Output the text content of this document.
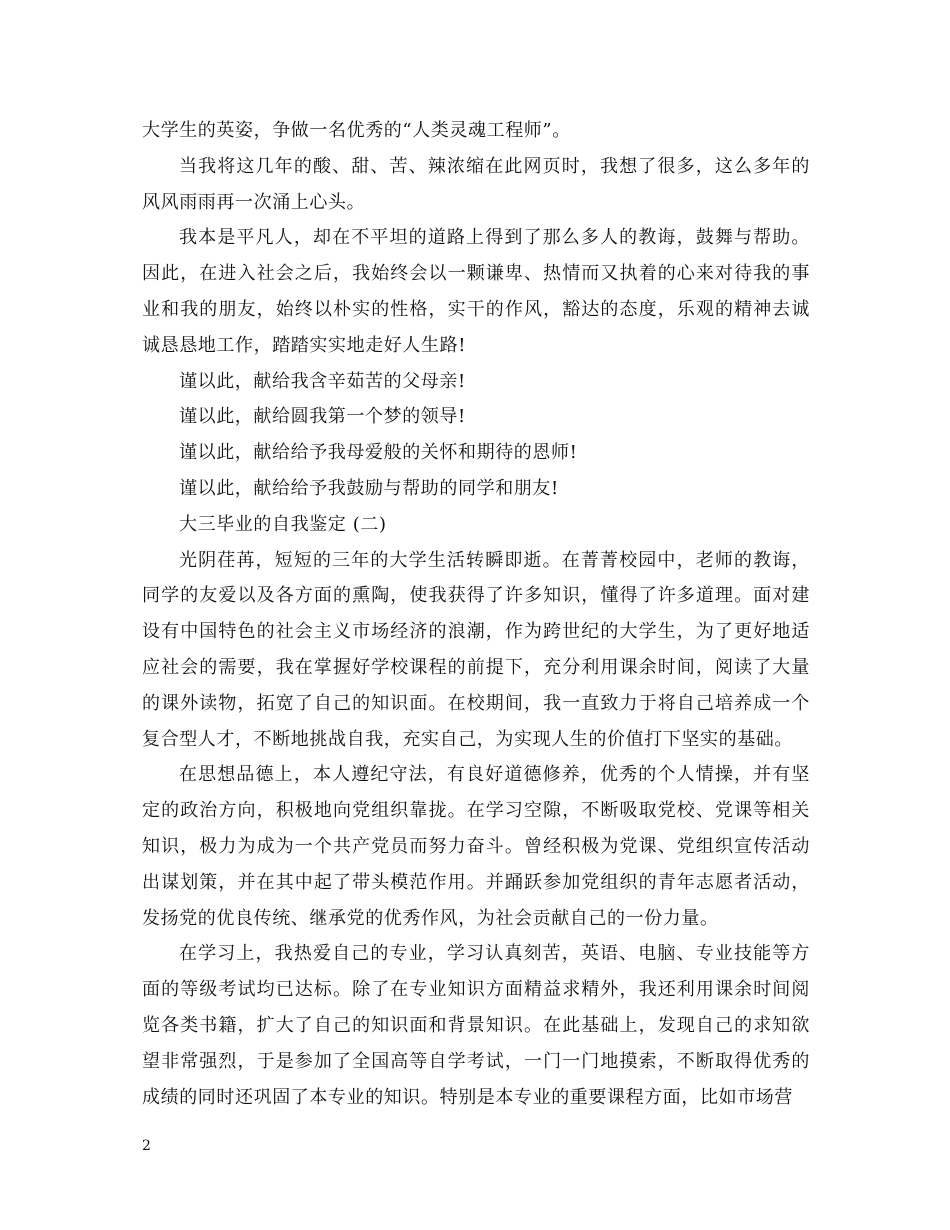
大学生的英姿，争做一名优秀的“人类灵魂工程师”。

当我将这几年的酸、甜、苦、辣浓缩在此网页时，我想了很多，这么多年的风风雨雨再一次涌上心头。

我本是平凡人，却在不平坦的道路上得到了那么多人的教诲，鼓舞与帮助。因此，在进入社会之后，我始终会以一颗谦卑、热情而又执着的心来对待我的事业和我的朋友，始终以朴实的性格，实干的作风，豁达的态度，乐观的精神去诚诚恳恳地工作，踏踏实实地走好人生路!

谨以此，献给我含辛茹苦的父母亲!

谨以此，献给圆我第一个梦的领导!

谨以此，献给给予我母爱般的关怀和期待的恩师!

谨以此，献给给予我鼓励与帮助的同学和朋友!

大三毕业的自我鉴定 (二)

光阴荏苒，短短的三年的大学生活转瞬即逝。在菁菁校园中，老师的教诲，同学的友爱以及各方面的熏陶，使我获得了许多知识，懂得了许多道理。面对建设有中国特色的社会主义市场经济的浪潮，作为跨世纪的大学生，为了更好地适应社会的需要，我在掌握好学校课程的前提下，充分利用课余时间，阅读了大量的课外读物，拓宽了自己的知识面。在校期间，我一直致力于将自己培养成一个复合型人才，不断地挑战自我，充实自己，为实现人生的价值打下坚实的基础。

在思想品德上，本人遵纪守法，有良好道德修养，优秀的个人情操，并有坚定的政治方向，积极地向党组织靠拢。在学习空隙，不断吸取党校、党课等相关知识，极力为成为一个共产党员而努力奋斗。曾经积极为党课、党组织宣传活动出谋划策，并在其中起了带头模范作用。并踊跃参加党组织的青年志愿者活动，发扬党的优良传统、继承党的优秀作风，为社会贡献自己的一份力量。

在学习上，我热爱自己的专业，学习认真刻苦，英语、电脑、专业技能等方面的等级考试均已达标。除了在专业知识方面精益求精外，我还利用课余时间阅览各类书籍，扩大了自己的知识面和背景知识。在此基础上，发现自己的求知欲望非常强烈，于是参加了全国高等自学考试，一门一门地摸索，不断取得优秀的成绩的同时还巩固了本专业的知识。特别是本专业的重要课程方面，比如市场营

2
